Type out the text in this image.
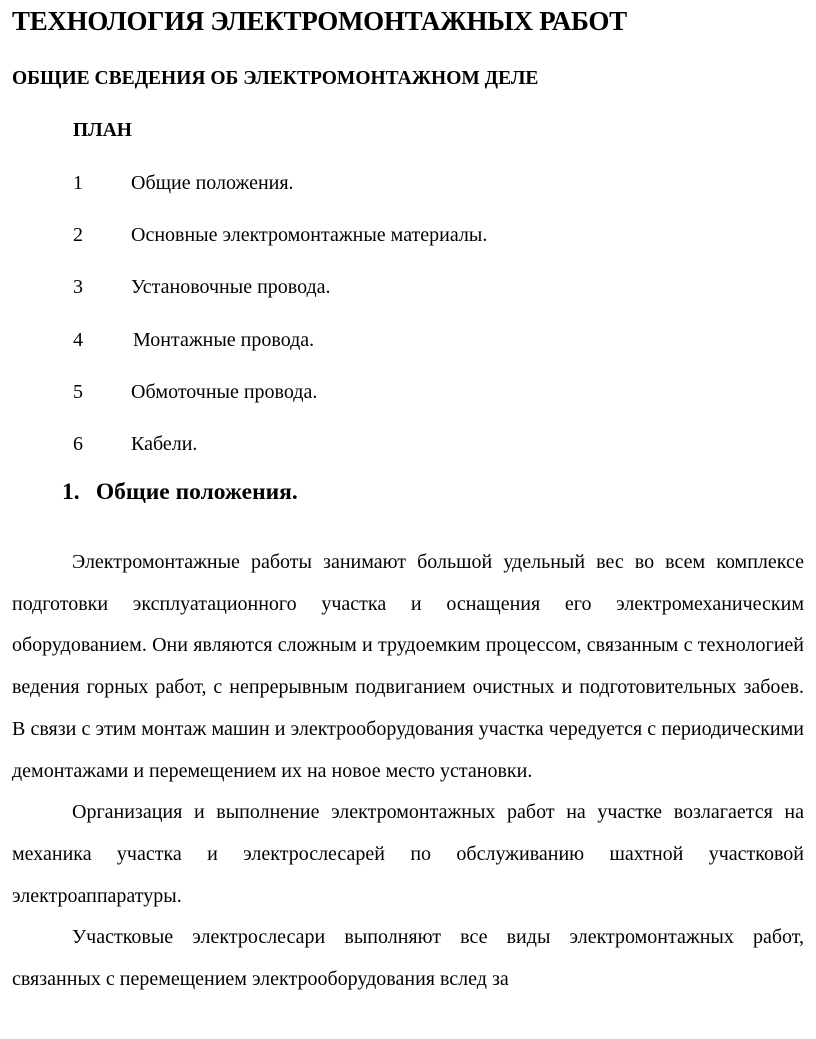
ТЕХНОЛОГИЯ ЭЛЕКТРОМОНТАЖНЫХ РАБОТ
ОБЩИЕ СВЕДЕНИЯ ОБ ЭЛЕКТРОМОНТАЖНОМ ДЕЛЕ
ПЛАН
1	Общие положения.
2	Основные электромонтажные материалы.
3	Установочные провода.
4	Монтажные провода.
5	Обмоточные провода.
6	Кабели.
1. Общие положения.

Электромонтажные работы занимают большой удельный вес во всем комплексе подготовки эксплуатационного участка и оснащения его электромеханическим оборудованием. Они являются сложным и трудоемким процессом, связанным с технологией ведения горных работ, с непрерывным подвиганием очистных и подготовительных забоев. В связи с этим монтаж машин и электрооборудования участка чередуется с периодическими демонтажами и перемещением их на новое место установки.

Организация и выполнение электромонтажных работ на участке возлагается на механика участка и электрослесарей по обслуживанию шахтной участковой электроаппаратуры.

Участковые электрослесари выполняют все виды электромонтажных работ, связанных с перемещением электрооборудования вслед за
